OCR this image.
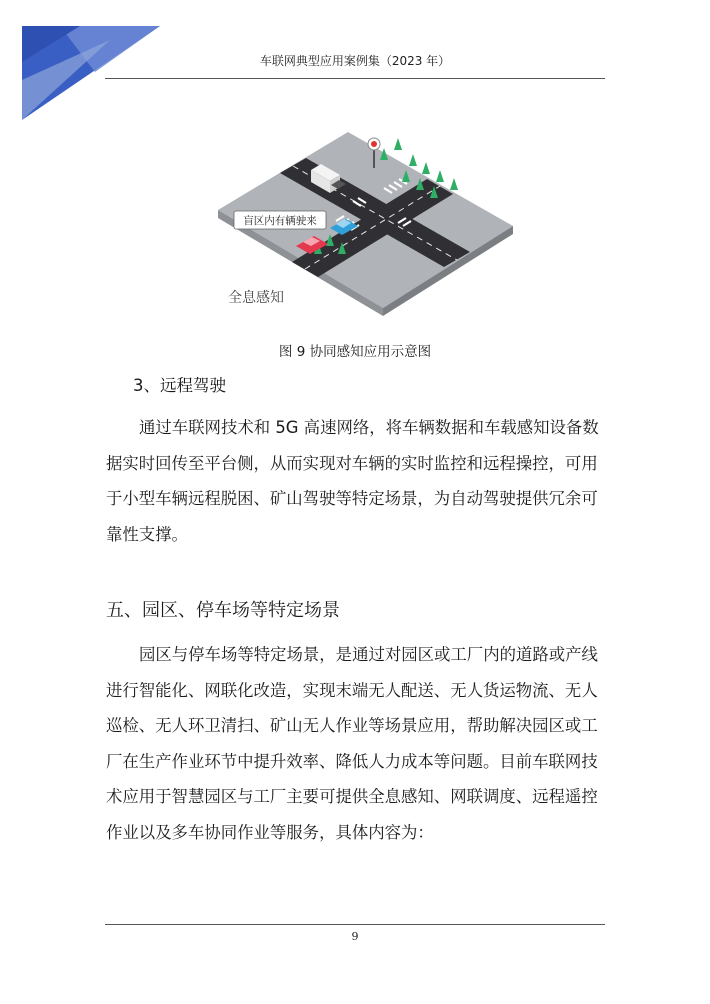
车联网典型应用案例集（2023 年）
盲区内有辆驶来
全息感知
图 9 协同感知应用示意图
3、远程驾驶
通过车联网技术和 5G 高速网络，将车辆数据和车载感知设备数
据实时回传至平台侧，从而实现对车辆的实时监控和远程操控，可用
于小型车辆远程脱困、矿山驾驶等特定场景，为自动驾驶提供冗余可
靠性支撑。
五、园区、停车场等特定场景
园区与停车场等特定场景，是通过对园区或工厂内的道路或产线
进行智能化、网联化改造，实现末端无人配送、无人货运物流、无人
巡检、无人环卫清扫、矿山无人作业等场景应用，帮助解决园区或工
厂在生产作业环节中提升效率、降低人力成本等问题。目前车联网技
术应用于智慧园区与工厂主要可提供全息感知、网联调度、远程遥控
作业以及多车协同作业等服务，具体内容为：
9
